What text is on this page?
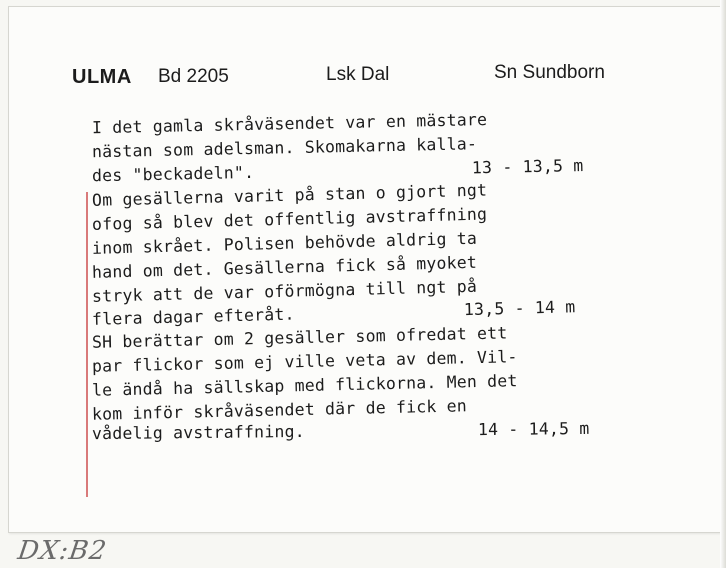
ULMA Bd 2205	Lsk Dal	Sn Sundborn
I det gamla skråväsendet var en mästare
nästan som adelsman. Skomakarna kalla-
des "beckadeln".	13 - 13,5 m
Om gesällerna varit på stan o gjort ngt
ofog så blev det offentlig avstraffning
inom skrået. Polisen behövde aldrig ta
hand om det. Gesällerna fick så myoket
stryk att de var oförmögna till ngt på
flera dagar efteråt.	13,5 - 14 m
SH berättar om 2 gesäller som ofredat ett
par flickor som ej ville veta av dem. Vil-
le ändå ha sällskap med flickorna. Men det
kom inför skråväsendet där de fick en
vådelig avstraffning.	14 - 14,5 m
DX:B2
